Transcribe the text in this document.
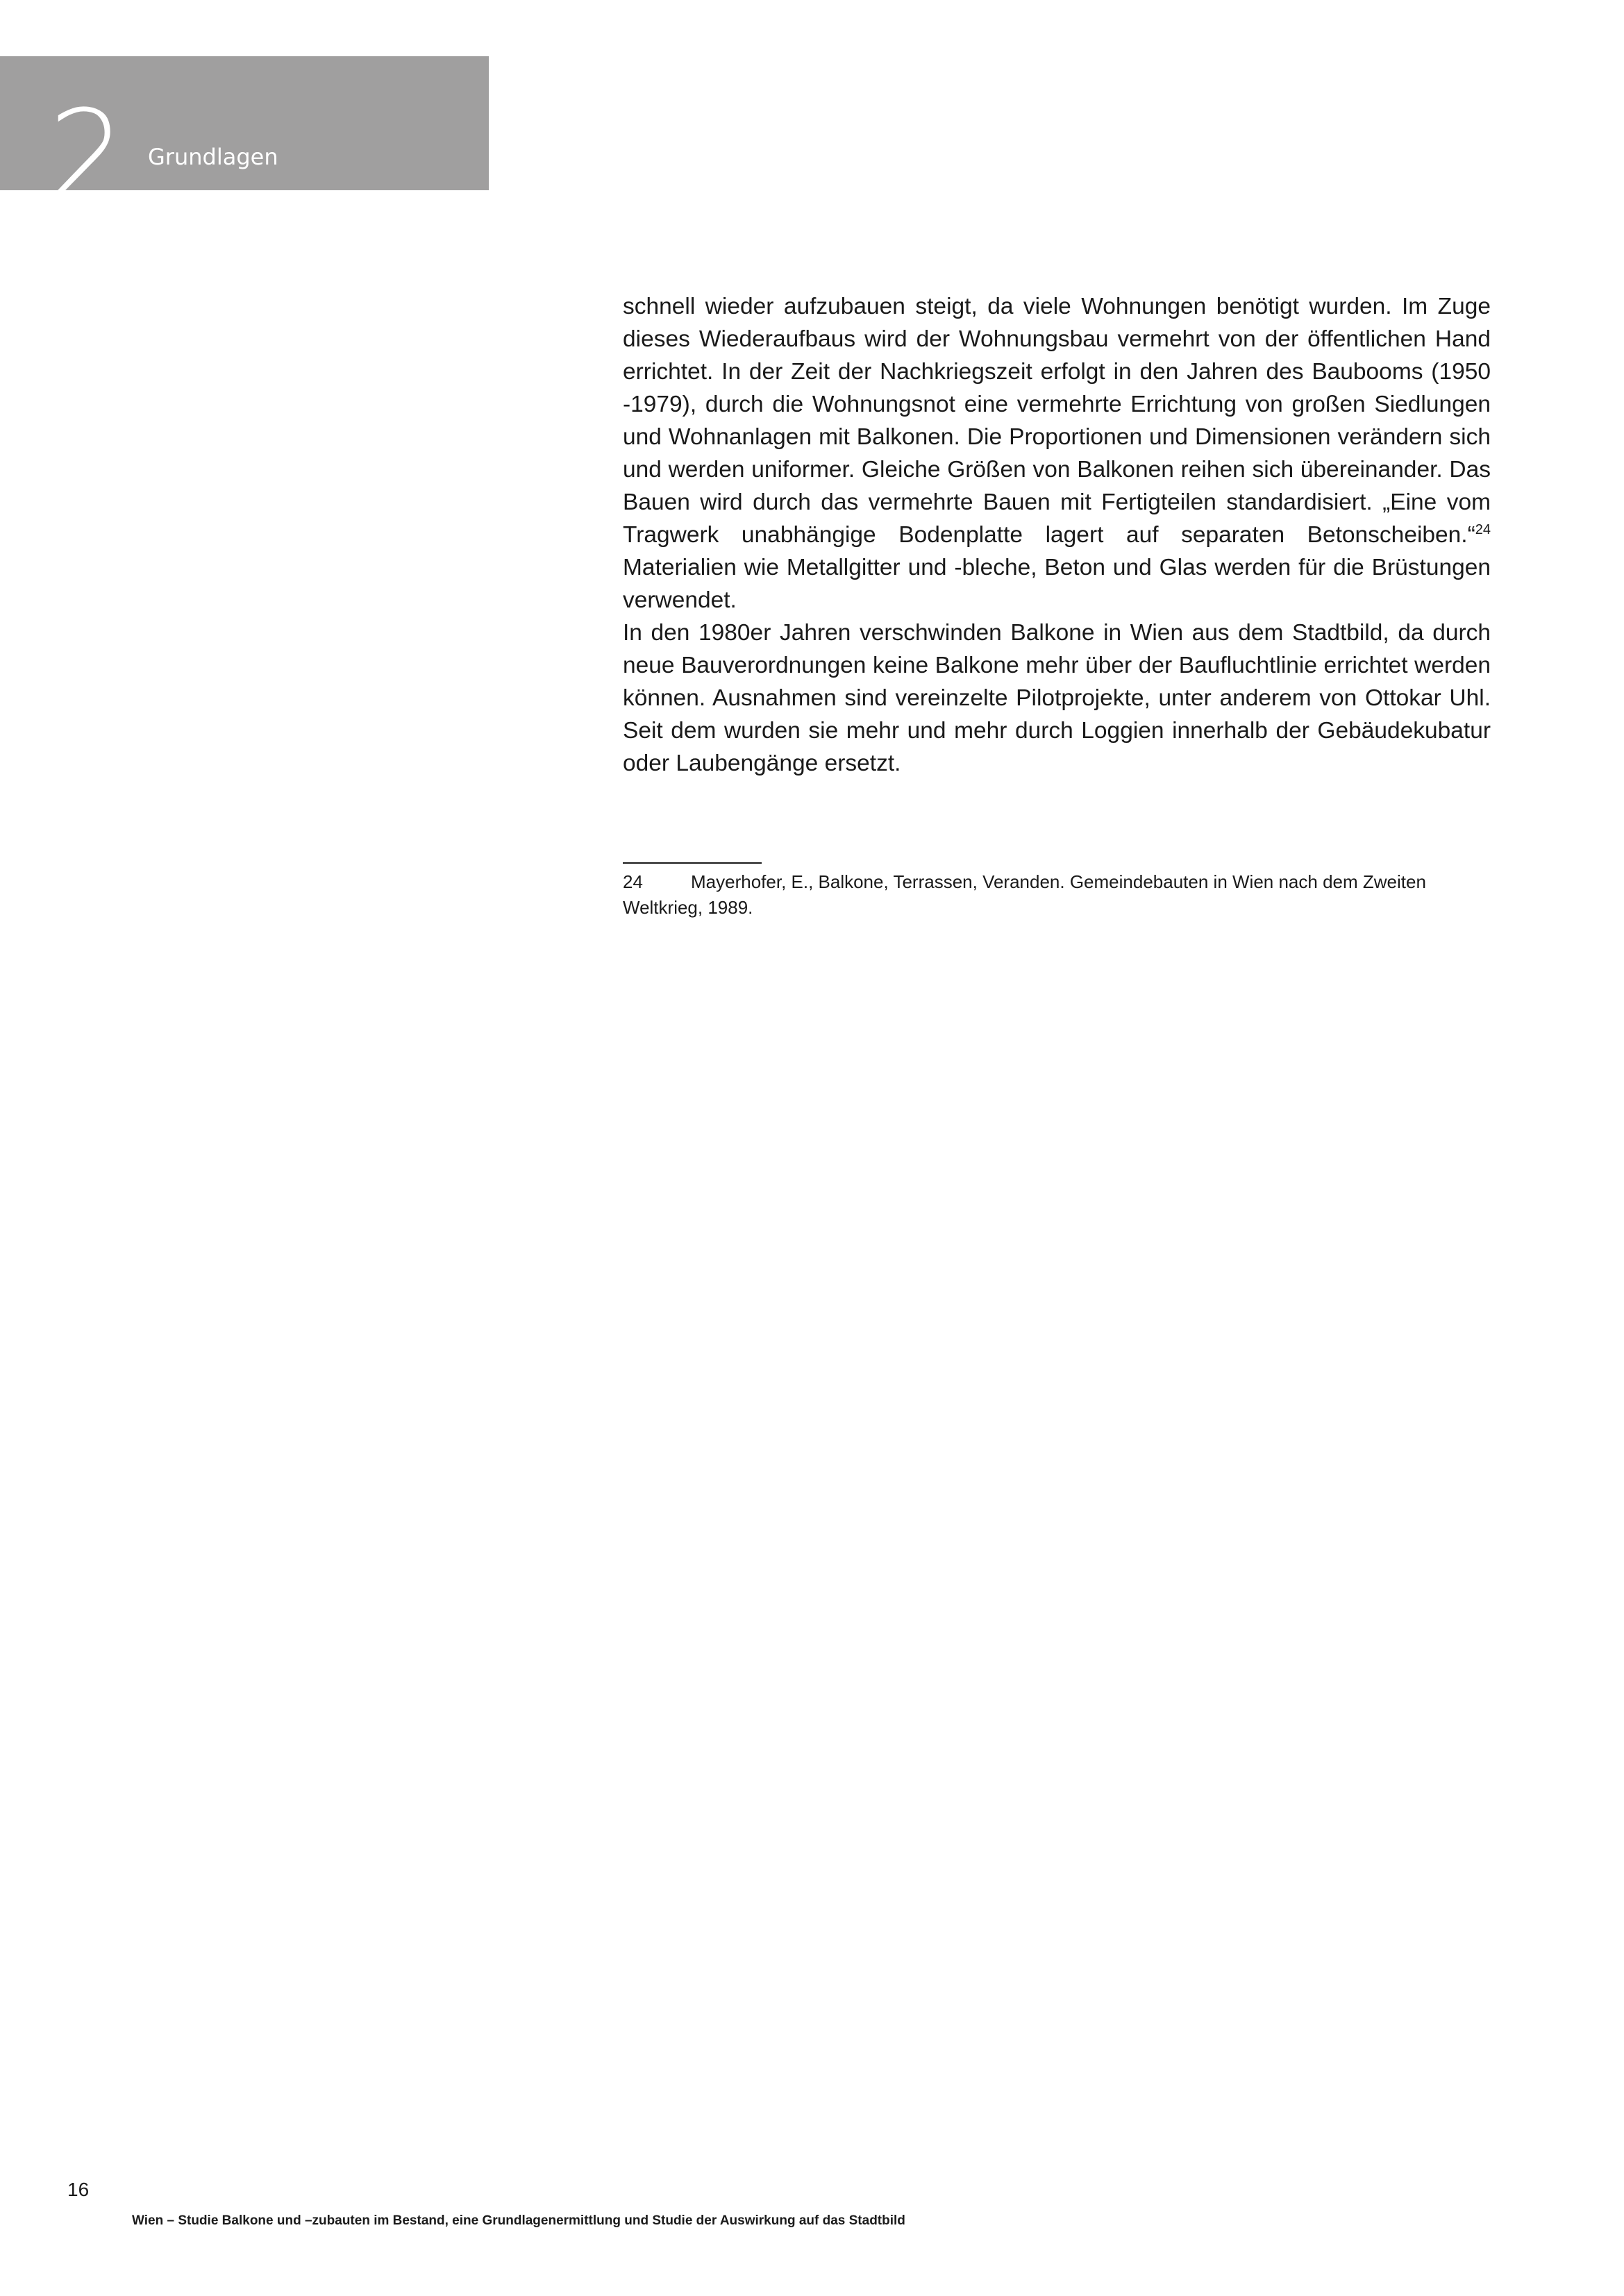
2 Grundlagen

schnell wieder aufzubauen steigt, da viele Wohnungen benötigt wurden. Im Zuge dieses Wiederaufbaus wird der Wohnungsbau vermehrt von der öffentlichen Hand errichtet. In der Zeit der Nachkriegszeit erfolgt in den Jahren des Baubooms (1950 -1979), durch die Wohnungsnot eine vermehrte Errichtung von großen Siedlungen und Wohnanlagen mit Balkonen. Die Proportionen und Dimensionen verändern sich und werden uniformer. Gleiche Größen von Balkonen reihen sich übereinander. Das Bauen wird durch das vermehrte Bauen mit Fertigteilen standardisiert. „Eine vom Tragwerk unabhängige Bodenplatte lagert auf separaten Betonscheiben.“$^{24}$ Materialien wie Metallgitter und -bleche, Beton und Glas werden für die Brüstungen verwendet.

In den 1980er Jahren verschwinden Balkone in Wien aus dem Stadtbild, da durch neue Bauverordnungen keine Balkone mehr über der Baufluchtlinie errichtet werden können. Ausnahmen sind vereinzelte Pilotprojekte, unter anderem von Ottokar Uhl. Seit dem wurden sie mehr und mehr durch Loggien innerhalb der Gebäudekubatur oder Laubengänge ersetzt.

24	Mayerhofer, E., Balkone, Terrassen, Veranden. Gemeindebauten in Wien nach dem Zweiten Weltkrieg, 1989.
16
Wien – Studie Balkone und –zubauten im Bestand, eine Grundlagenermittlung und Studie der Auswirkung auf das Stadtbild
